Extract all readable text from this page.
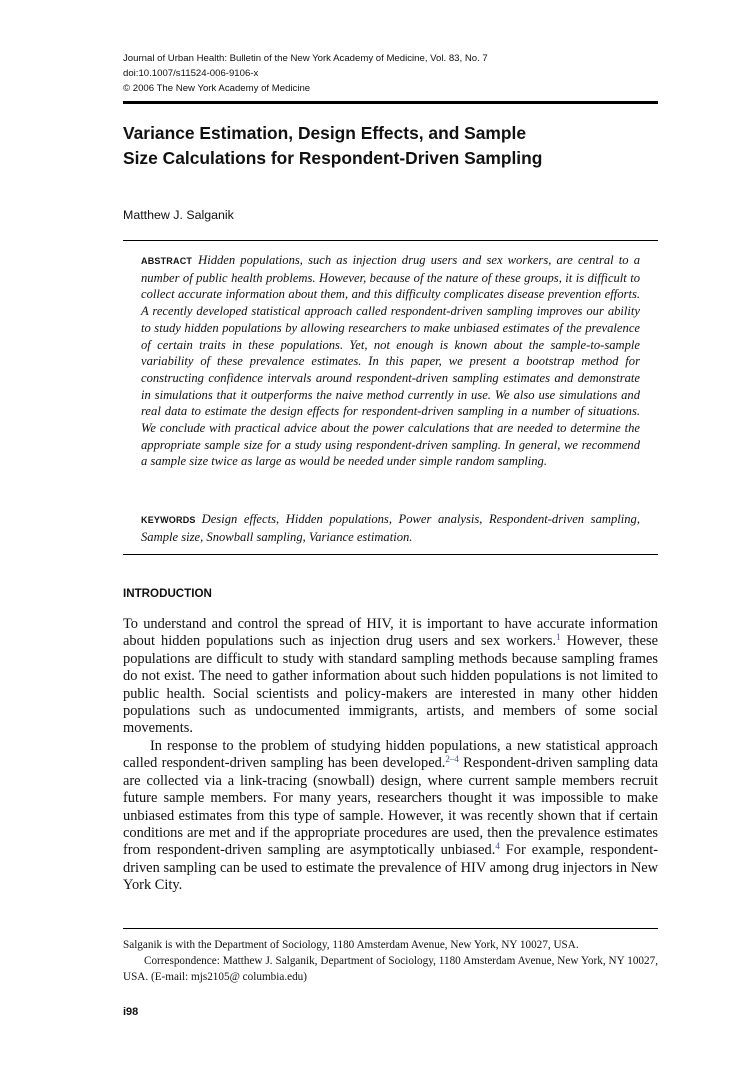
Journal of Urban Health: Bulletin of the New York Academy of Medicine, Vol. 83, No. 7
doi:10.1007/s11524-006-9106-x
© 2006 The New York Academy of Medicine
Variance Estimation, Design Effects, and Sample
Size Calculations for Respondent-Driven Sampling
Matthew J. Salganik
ABSTRACT Hidden populations, such as injection drug users and sex workers, are central to a number of public health problems. However, because of the nature of these groups, it is difficult to collect accurate information about them, and this difficulty complicates disease prevention efforts. A recently developed statistical approach called respondent-driven sampling improves our ability to study hidden populations by allowing researchers to make unbiased estimates of the prevalence of certain traits in these populations. Yet, not enough is known about the sample-to-sample variability of these prevalence estimates. In this paper, we present a bootstrap method for constructing confidence intervals around respondent-driven sampling estimates and demonstrate in simulations that it outperforms the naive method currently in use. We also use simulations and real data to estimate the design effects for respondent-driven sampling in a number of situations. We conclude with practical advice about the power calculations that are needed to determine the appropriate sample size for a study using respondent-driven sampling. In general, we recommend a sample size twice as large as would be needed under simple random sampling.
KEYWORDS Design effects, Hidden populations, Power analysis, Respondent-driven sampling, Sample size, Snowball sampling, Variance estimation.
INTRODUCTION
To understand and control the spread of HIV, it is important to have accurate information about hidden populations such as injection drug users and sex workers.$^1$ However, these populations are difficult to study with standard sampling methods because sampling frames do not exist. The need to gather information about such hidden populations is not limited to public health. Social scientists and policy-makers are interested in many other hidden populations such as undocumented immigrants, artists, and members of some social movements.
In response to the problem of studying hidden populations, a new statistical approach called respondent-driven sampling has been developed.$^{2-4}$ Respondent-driven sampling data are collected via a link-tracing (snowball) design, where current sample members recruit future sample members. For many years, researchers thought it was impossible to make unbiased estimates from this type of sample. However, it was recently shown that if certain conditions are met and if the appropriate procedures are used, then the prevalence estimates from respondent-driven sampling are asymptotically unbiased.$^4$ For example, respondent-driven sampling can be used to estimate the prevalence of HIV among drug injectors in New York City.
Salganik is with the Department of Sociology, 1180 Amsterdam Avenue, New York, NY 10027, USA.
Correspondence: Matthew J. Salganik, Department of Sociology, 1180 Amsterdam Avenue, New York, NY 10027, USA. (E-mail: mjs2105@ columbia.edu)
i98
